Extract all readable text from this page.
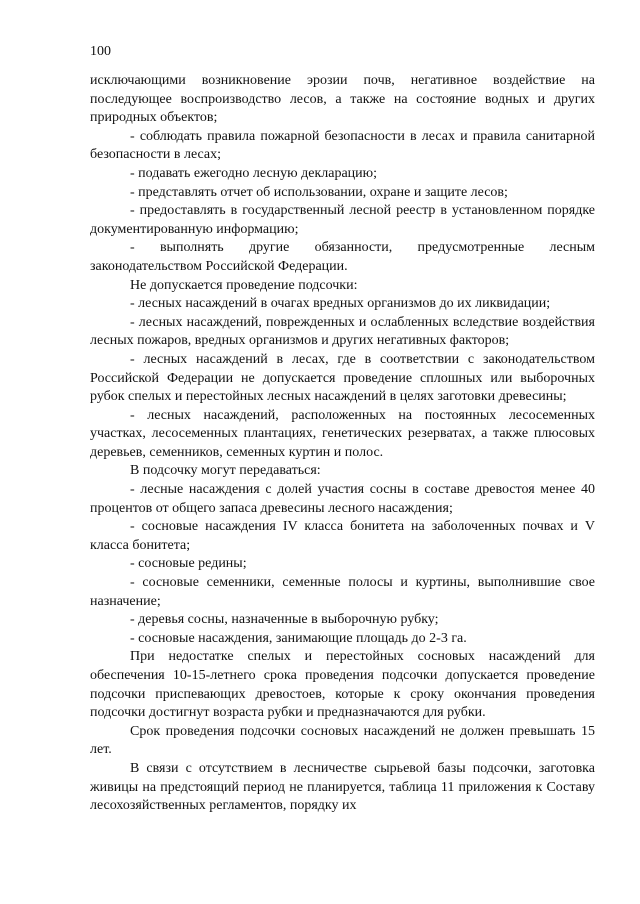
100

исключающими возникновение эрозии почв, негативное воздействие на последующее воспроизводство лесов, а также на состояние водных и других природных объектов;

- соблюдать правила пожарной безопасности в лесах и правила санитарной безопасности в лесах;

- подавать ежегодно лесную декларацию;

- представлять отчет об использовании, охране и защите лесов;

- предоставлять в государственный лесной реестр в установленном порядке документированную информацию;

- выполнять другие обязанности, предусмотренные лесным законодательством Российской Федерации.

Не допускается проведение подсочки:

- лесных насаждений в очагах вредных организмов до их ликвидации;

- лесных насаждений, поврежденных и ослабленных вследствие воздействия лесных пожаров, вредных организмов и других негативных факторов;

- лесных насаждений в лесах, где в соответствии с законодательством Российской Федерации не допускается проведение сплошных или выборочных рубок спелых и перестойных лесных насаждений в целях заготовки древесины;

- лесных насаждений, расположенных на постоянных лесосеменных участках, лесосеменных плантациях, генетических резерватах, а также плюсовых деревьев, семенников, семенных куртин и полос.

В подсочку могут передаваться:

- лесные насаждения с долей участия сосны в составе древостоя менее 40 процентов от общего запаса древесины лесного насаждения;

- сосновые насаждения IV класса бонитета на заболоченных почвах и V класса бонитета;

- сосновые редины;

- сосновые семенники, семенные полосы и куртины, выполнившие свое назначение;

- деревья сосны, назначенные в выборочную рубку;

- сосновые насаждения, занимающие площадь до 2-3 га.

При недостатке спелых и перестойных сосновых насаждений для обеспечения 10-15-летнего срока проведения подсочки допускается проведение подсочки приспевающих древостоев, которые к сроку окончания проведения подсочки достигнут возраста рубки и предназначаются для рубки.

Срок проведения подсочки сосновых насаждений не должен превышать 15 лет.

В связи с отсутствием в лесничестве сырьевой базы подсочки, заготовка живицы на предстоящий период не планируется, таблица 11 приложения к Составу лесохозяйственных регламентов, порядку их
